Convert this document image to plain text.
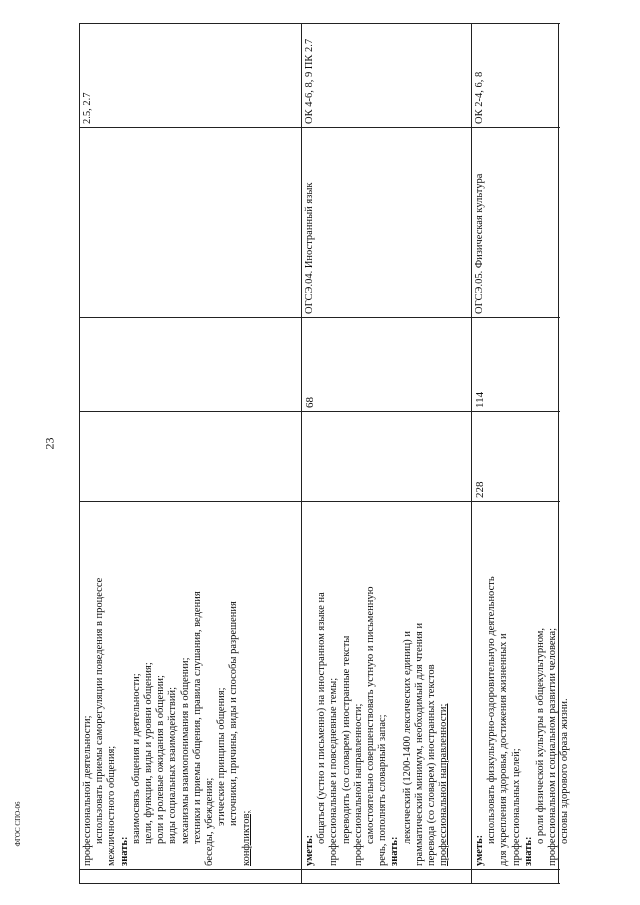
23
ФГОС СПО-06	профессиональной деятельности; использовать приемы саморегуляции поведения в процессе межличностного общения; знать:

взаимосвязь общения и деятельности; цели, функции, виды и уровни общения; роли и ролевые ожидания в общении; виды социальных взаимодействий; механизмы взаимопонимания в общении; техники и приемы общения, правила слушания, ведения беседы, убеждения; этические принципы общения; источники, причины, виды и способы разрешения

конфликтов;

2.5, 2.7

уметь:

общаться (устно и письменно) на иностранном языке на профессиональные и повседневные темы; переводить (со словарем) иностранные тексты профессиональной направленности; самостоятельно совершенствовать устную и письменную речь, пополнять словарный запас; знать:

лексический (1200-1400 лексических единиц) и грамматический минимум, необходимый для чтения и перевода (со словарем) иностранных текстов профессиональной направленности;

68
ОГСЭ.04. Иностранный язык
ОК 4-6, 8, 9 ПК 2.7

уметь:

использовать физкультурно-оздоровительную деятельность для укрепления здоровья, достижения жизненных и профессиональных целей; знать:

о роли физической культуры в общекультурном, профессиональном и социальном развитии человека; основы здорового образа жизни.

228
114
ОГСЭ.05. Физическая культура
ОК 2-4, 6, 8
